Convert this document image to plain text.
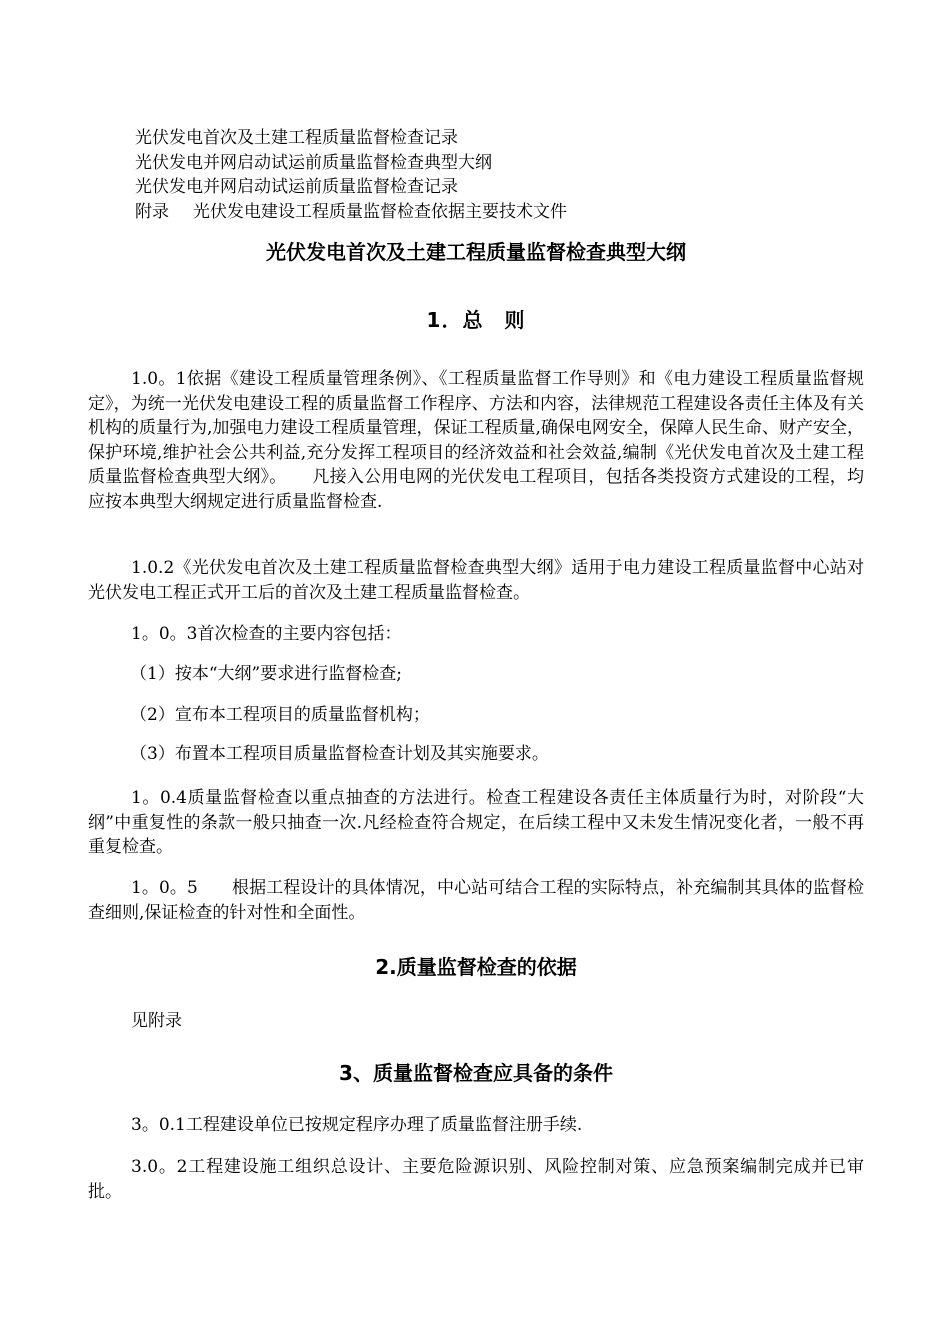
光伏发电首次及土建工程质量监督检查记录
光伏发电并网启动试运前质量监督检查典型大纲
光伏发电并网启动试运前质量监督检查记录
附录 光伏发电建设工程质量监督检查依据主要技术文件
光伏发电首次及土建工程质量监督检查典型大纲
1．总　则
1.0。1依据《建设工程质量管理条例》、《工程质量监督工作导则》和《电力建设工程质量监督规定》，为统一光伏发电建设工程的质量监督工作程序、方法和内容，法律规范工程建设各责任主体及有关机构的质量行为,加强电力建设工程质量管理，保证工程质量,确保电网安全，保障人民生命、财产安全，保护环境,维护社会公共利益,充分发挥工程项目的经济效益和社会效益,编制《光伏发电首次及土建工程质量监督检查典型大纲》。　　凡接入公用电网的光伏发电工程项目，包括各类投资方式建设的工程，均应按本典型大纲规定进行质量监督检查.
1.0.2《光伏发电首次及土建工程质量监督检查典型大纲》适用于电力建设工程质量监督中心站对光伏发电工程正式开工后的首次及土建工程质量监督检查。
1。0。3首次检查的主要内容包括：
（1）按本“大纲”要求进行监督检查;
（2）宣布本工程项目的质量监督机构；
（3）布置本工程项目质量监督检查计划及其实施要求。
1。0.4质量监督检查以重点抽查的方法进行。检查工程建设各责任主体质量行为时，对阶段“大纲”中重复性的条款一般只抽查一次.凡经检查符合规定，在后续工程中又未发生情况变化者，一般不再重复检查。
1。0。5　　根据工程设计的具体情况，中心站可结合工程的实际特点，补充编制其具体的监督检查细则,保证检查的针对性和全面性。
2.质量监督检查的依据
见附录
3、质量监督检查应具备的条件
3。0.1工程建设单位已按规定程序办理了质量监督注册手续.
3.0。2工程建设施工组织总设计、主要危险源识别、风险控制对策、应急预案编制完成并已审批。
